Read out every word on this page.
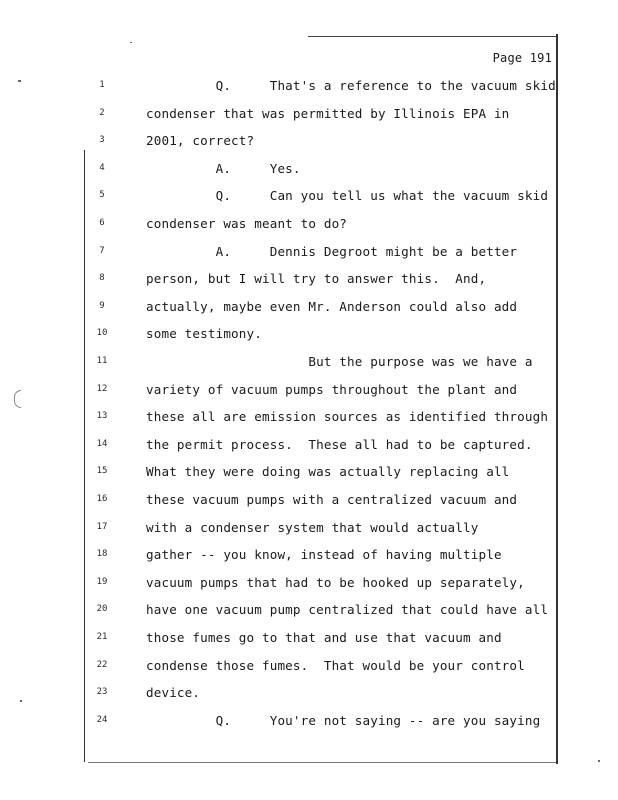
Page 191
1	Q.     That's a reference to the vacuum skid
2	condenser that was permitted by Illinois EPA in
3	2001, correct?
4	A.     Yes.
5	Q.     Can you tell us what the vacuum skid
6	condenser was meant to do?
7	A.     Dennis Degroot might be a better
8	person, but I will try to answer this.  And,
9	actually, maybe even Mr. Anderson could also add
10	some testimony.
11	But the purpose was we have a
12	variety of vacuum pumps throughout the plant and
13	these all are emission sources as identified through
14	the permit process.  These all had to be captured.
15	What they were doing was actually replacing all
16	these vacuum pumps with a centralized vacuum and
17	with a condenser system that would actually
18	gather -- you know, instead of having multiple
19	vacuum pumps that had to be hooked up separately,
20	have one vacuum pump centralized that could have all
21	those fumes go to that and use that vacuum and
22	condense those fumes.  That would be your control
23	device.
24	Q.     You're not saying -- are you saying
